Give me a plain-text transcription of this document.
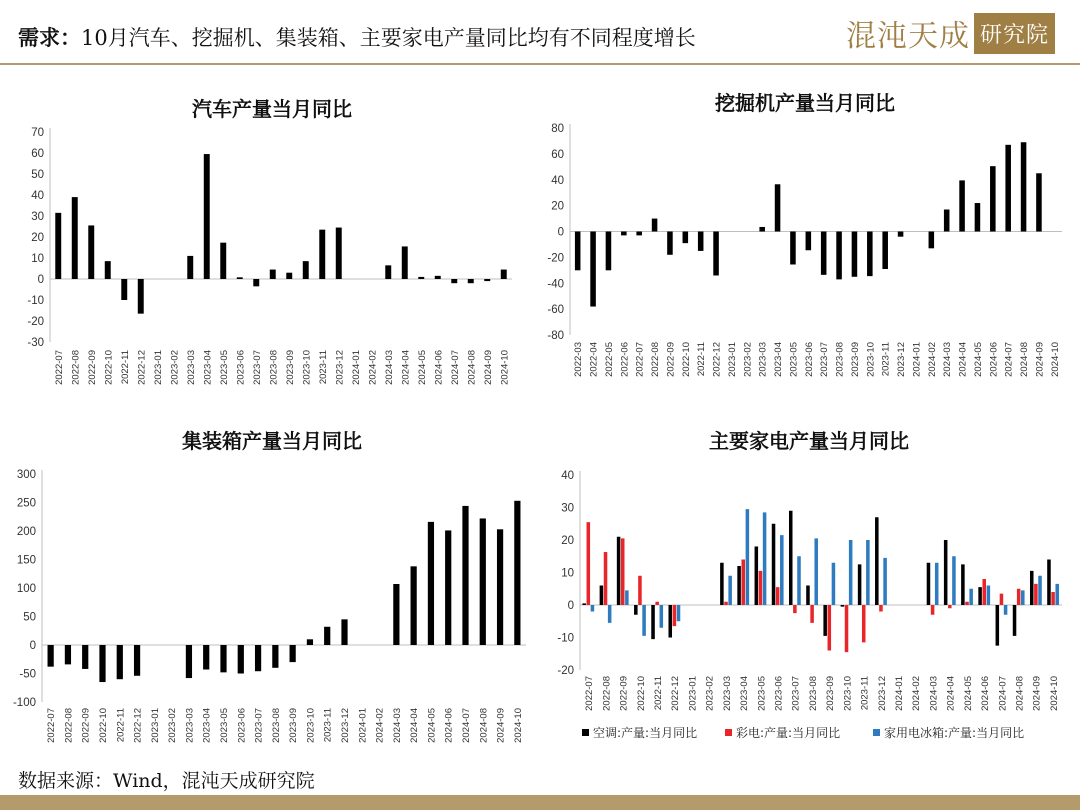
需求：10月汽车、挖掘机、集装箱、主要家电产量同比均有不同程度增长	混沌天成 研究院
汽车产量当月同比
-30
-20
-10
0
10
20
30
40
50
60
70
2022-07 2022-08 2022-09 2022-10 2022-11 2022-12 2023-01 2023-02 2023-03 2023-04 2023-05 2023-06 2023-07 2023-08 2023-09 2023-10 2023-11 2023-12 2024-01 2024-02 2024-03 2024-04 2024-05 2024-06 2024-07 2024-08 2024-09 2024-10
挖掘机产量当月同比
-80
-60
-40
-20
0
20
40
60
80
2022-03 2022-04 2022-05 2022-06 2022-07 2022-08 2022-09 2022-10 2022-11 2022-12 2023-01 2023-02 2023-03 2023-04 2023-05 2023-06 2023-07 2023-08 2023-09 2023-10 2023-11 2023-12 2024-01 2024-02 2024-03 2024-04 2024-05 2024-06 2024-07 2024-08 2024-09 2024-10
集装箱产量当月同比
-100
-50
0
50
100
150
200
250
300
2022-07 2022-08 2022-09 2022-10 2022-11 2022-12 2023-01 2023-02 2023-03 2023-04 2023-05 2023-06 2023-07 2023-08 2023-09 2023-10 2023-11 2023-12 2024-01 2024-02 2024-03 2024-04 2024-05 2024-06 2024-07 2024-08 2024-09 2024-10
主要家电产量当月同比
-20
-10
0
10
20
30
40
2022-07 2022-08 2022-09 2022-10 2022-11 2022-12 2023-01 2023-02 2023-03 2023-04 2023-05 2023-06 2023-07 2023-08 2023-09 2023-10 2023-11 2023-12 2024-01 2024-02 2024-03 2024-04 2024-05 2024-06 2024-07 2024-08 2024-09 2024-10
空调:产量:当月同比	彩电:产量:当月同比	家用电冰箱:产量:当月同比
数据来源：Wind，混沌天成研究院
